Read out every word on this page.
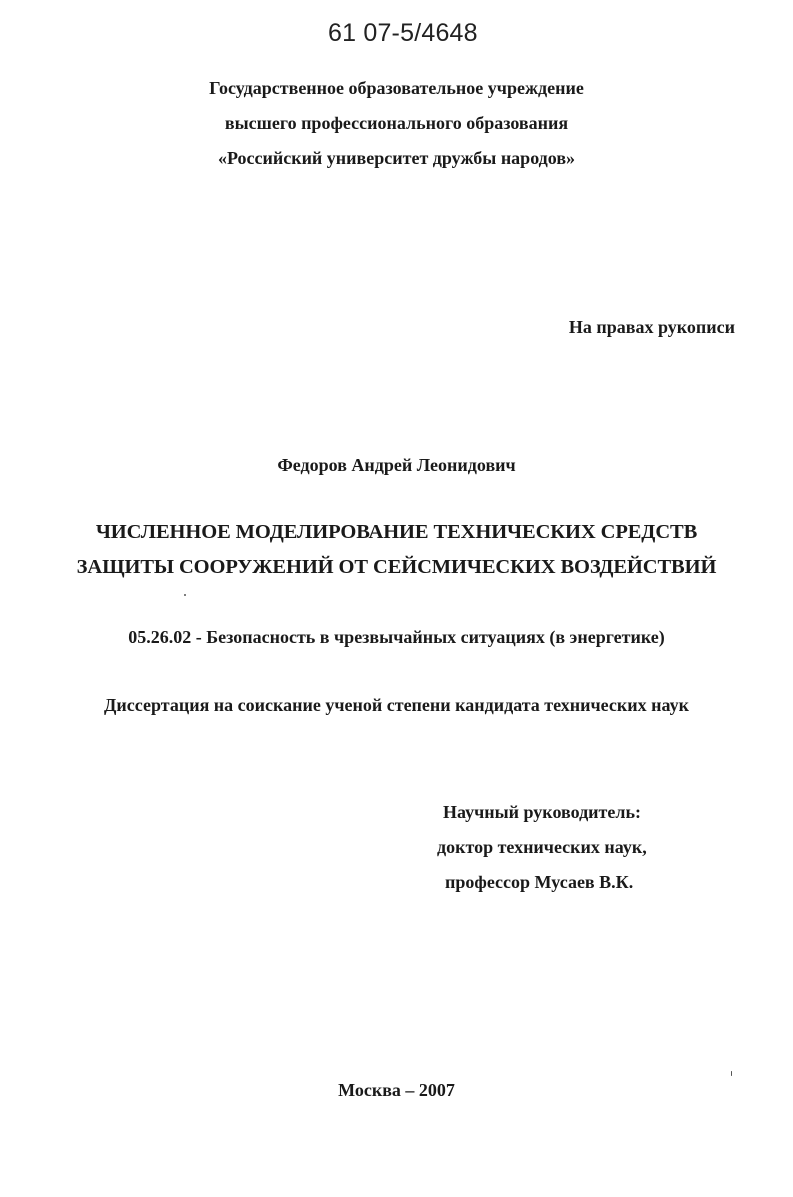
61 07-5/4648
Государственное образовательное учреждение
высшего профессионального образования
«Российский университет дружбы народов»
На правах рукописи
Федоров Андрей Леонидович
ЧИСЛЕННОЕ МОДЕЛИРОВАНИЕ ТЕХНИЧЕСКИХ СРЕДСТВ
ЗАЩИТЫ СООРУЖЕНИЙ ОТ СЕЙСМИЧЕСКИХ ВОЗДЕЙСТВИЙ
05.26.02 - Безопасность в чрезвычайных ситуациях (в энергетике)
Диссертация на соискание ученой степени кандидата технических наук
Научный руководитель:
доктор технических наук,
профессор Мусаев В.К.
Москва – 2007
